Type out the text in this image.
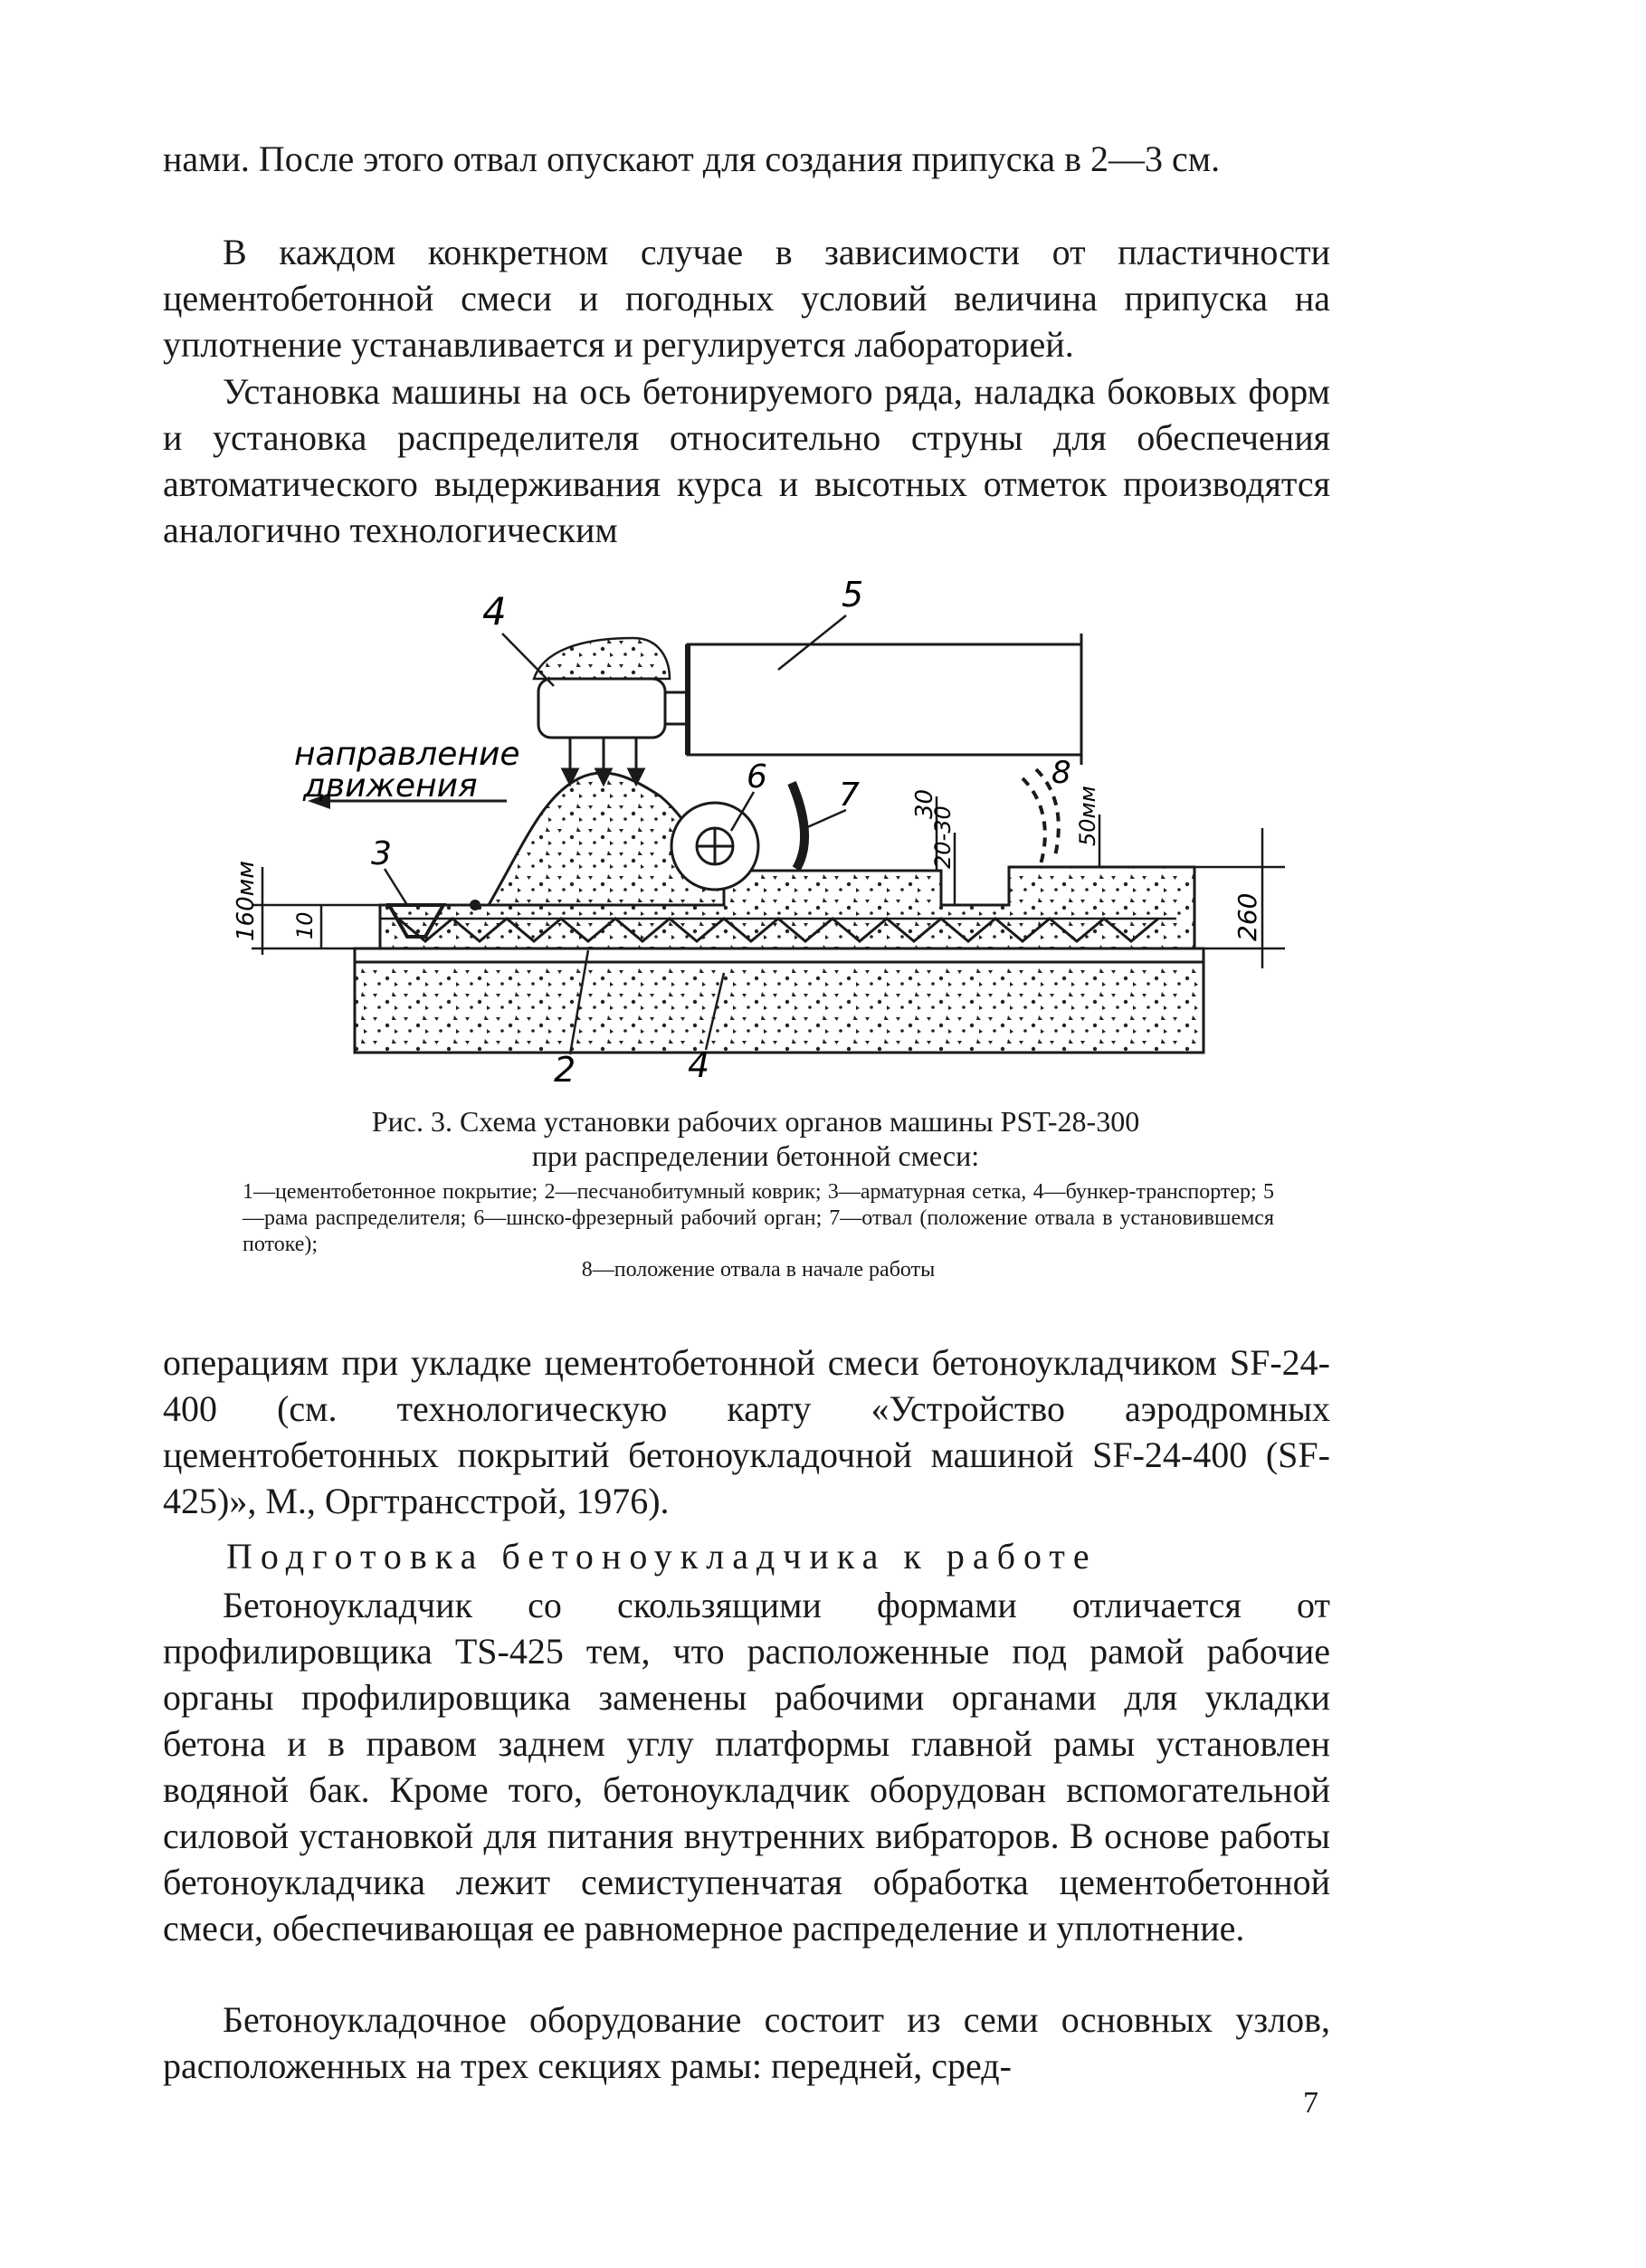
нами. После этого отвал опускают для создания припуска в 2—3 см.

В каждом конкретном случае в зависимости от пластичности цементобетонной смеси и погодных условий величина припуска на уплотнение устанавливается и регулируется лабораторией.

Установка машины на ось бетонируемого ряда, наладка боковых форм и установка распределителя относительно струны для обеспечения автоматического выдерживания курса и высотных отметок производятся аналогично технологическим

4	5
6 7
8
3
2	4
направление
движения
160мм 10
30
20-30	50мм
260

Рис. 3. Схема установки рабочих органов машины PST-28-300

при распределении бетонной смеси:

1—цементобетонное покрытие; 2—песчанобитумный коврик; 3—арматурная сетка, 4—бункер-транспортер; 5—рама распределителя; 6—шнско-фрезерный рабочий орган; 7—отвал (положение отвала в установившемся потоке);

8—положение отвала в начале работы

операциям при укладке цементобетонной смеси бетоноукладчиком SF-24-400 (см. технологическую карту «Устройство аэродромных цементобетонных покрытий бетоноукладочной машиной SF-24-400 (SF-425)», М., Оргтрансстрой, 1976).

Подготовка бетоноукладчика к работе

Бетоноукладчик со скользящими формами отличается от профилировщика TS-425 тем, что расположенные под рамой рабочие органы профилировщика заменены рабочими органами для укладки бетона и в правом заднем углу платформы главной рамы установлен водяной бак. Кроме того, бетоноукладчик оборудован вспомогательной силовой установкой для питания внутренних вибраторов. В основе работы бетоноукладчика лежит семиступенчатая обработка цементобетонной смеси, обеспечивающая ее равномерное распределение и уплотнение.

Бетоноукладочное оборудование состоит из семи основных узлов, расположенных на трех секциях рамы: передней, сред-

7
